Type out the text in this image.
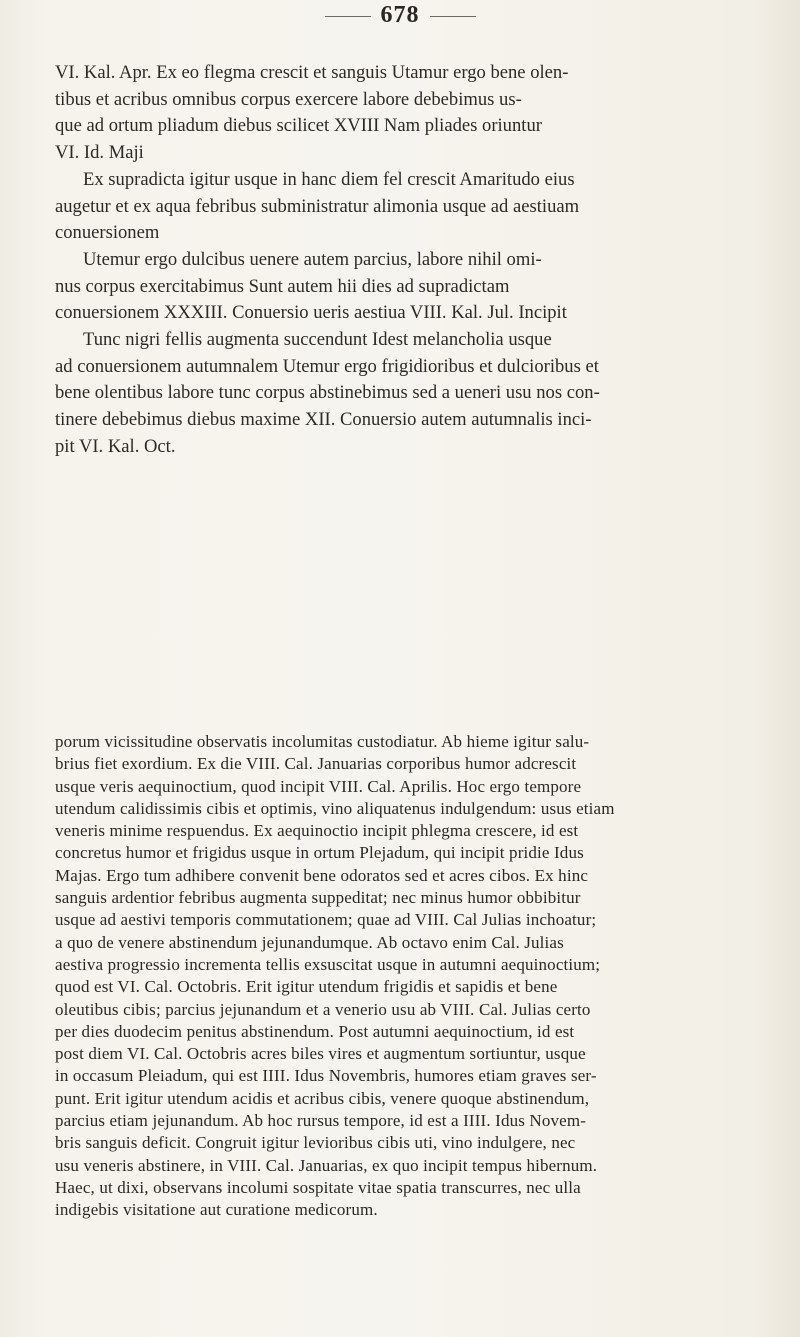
678

VI. Kal. Apr. Ex eo flegma crescit et sanguis Utamur ergo bene olen-
tibus et acribus omnibus corpus exercere labore debebimus us-
que ad ortum pliadum diebus scilicet XVIII Nam pliades oriuntur
VI. Id. Maji

Ex supradicta igitur usque in hanc diem fel crescit Amaritudo eius
augetur et ex aqua febribus subministratur alimonia usque ad aestiuam
conuersionem

Utemur ergo dulcibus uenere autem parcius, labore nihil omi-
nus corpus exercitabimus Sunt autem hii dies ad supradictam
conuersionem XXXIII. Conuersio ueris aestiua VIII. Kal. Jul. Incipit

Tunc nigri fellis augmenta succendunt Idest melancholia usque
ad conuersionem autumnalem Utemur ergo frigidioribus et dulcioribus et
bene olentibus labore tunc corpus abstinebimus sed a ueneri usu nos con-
tinere debebimus diebus maxime XII. Conuersio autem autumnalis inci-
pit VI. Kal. Oct.

porum vicissitudine observatis incolumitas custodiatur. Ab hieme igitur salu-
brius fiet exordium. Ex die VIII. Cal. Januarias corporibus humor adcrescit
usque veris aequinoctium, quod incipit VIII. Cal. Aprilis. Hoc ergo tempore
utendum calidissimis cibis et optimis, vino aliquatenus indulgendum: usus etiam
veneris minime respuendus. Ex aequinoctio incipit phlegma crescere, id est
concretus humor et frigidus usque in ortum Plejadum, qui incipit pridie Idus
Majas. Ergo tum adhibere convenit bene odoratos sed et acres cibos. Ex hinc
sanguis ardentior febribus augmenta suppeditat; nec minus humor obbibitur
usque ad aestivi temporis commutationem; quae ad VIII. Cal Julias inchoatur;
a quo de venere abstinendum jejunandumque. Ab octavo enim Cal. Julias
aestiva progressio incrementa tellis exsuscitat usque in autumni aequinoctium;
quod est VI. Cal. Octobris. Erit igitur utendum frigidis et sapidis et bene
oleutibus cibis; parcius jejunandum et a venerio usu ab VIII. Cal. Julias certo
per dies duodecim penitus abstinendum. Post autumni aequinoctium, id est
post diem VI. Cal. Octobris acres biles vires et augmentum sortiuntur, usque
in occasum Pleiadum, qui est IIII. Idus Novembris, humores etiam graves ser-
punt. Erit igitur utendum acidis et acribus cibis, venere quoque abstinendum,
parcius etiam jejunandum. Ab hoc rursus tempore, id est a IIII. Idus Novem-
bris sanguis deficit. Congruit igitur levioribus cibis uti, vino indulgere, nec
usu veneris abstinere, in VIII. Cal. Januarias, ex quo incipit tempus hibernum.
Haec, ut dixi, observans incolumi sospitate vitae spatia transcurres, nec ulla
indigebis visitatione aut curatione medicorum.
